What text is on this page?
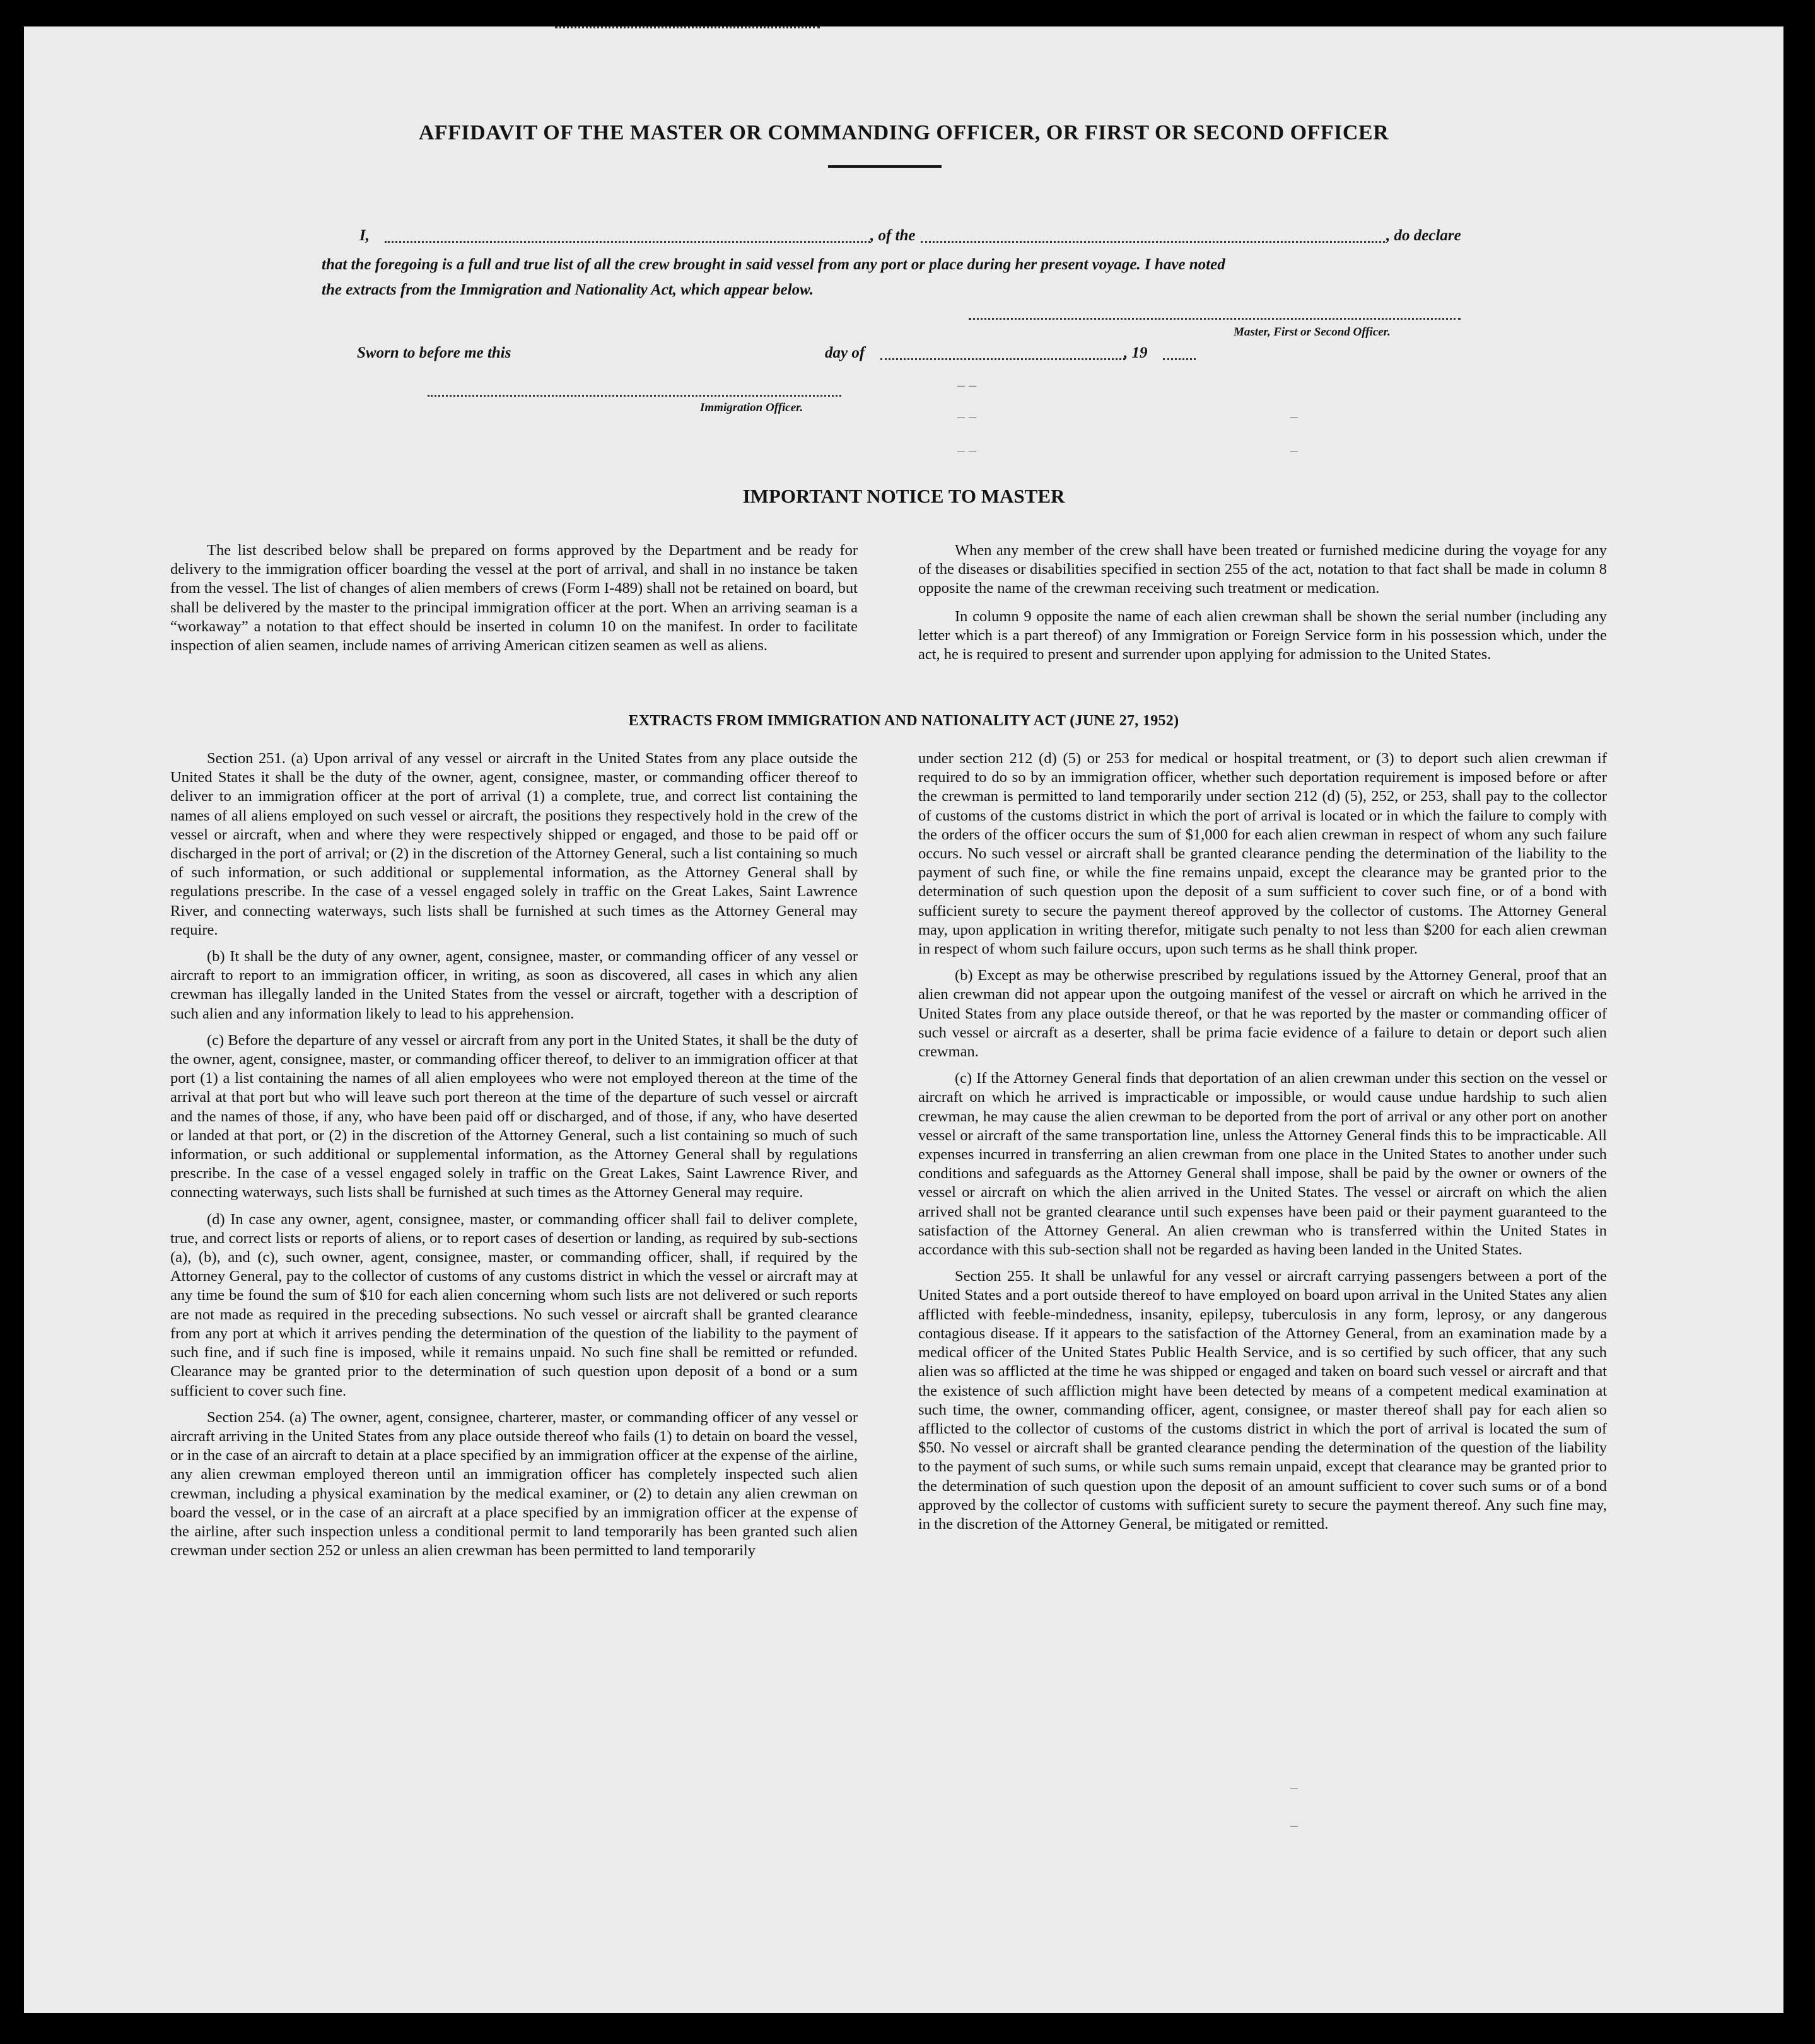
AFFIDAVIT OF THE MASTER OR COMMANDING OFFICER, OR FIRST OR SECOND OFFICER
I,	, of the	, do declare
that the foregoing is a full and true list of all the crew brought in said vessel from any port or place during her present voyage. I have noted
the extracts from the Immigration and Nationality Act, which appear below.
Master, First or Second Officer.
Sworn to before me this	day of	, 19
Immigration Officer.
– –
– –
– –
–
–
–
–
IMPORTANT NOTICE TO MASTER

The list described below shall be prepared on forms approved by the Department and be ready for delivery to the immigration officer boarding the vessel at the port of arrival, and shall in no instance be taken from the vessel. The list of changes of alien members of crews (Form I-489) shall not be retained on board, but shall be delivered by the master to the principal immigration officer at the port. When an arriving seaman is a “workaway” a notation to that effect should be inserted in column 10 on the manifest. In order to facilitate inspection of alien seamen, include names of arriving American citizen seamen as well as aliens.

When any member of the crew shall have been treated or furnished medicine during the voyage for any of the diseases or disabilities specified in section 255 of the act, notation to that fact shall be made in column 8 opposite the name of the crewman receiving such treatment or medication.

In column 9 opposite the name of each alien crewman shall be shown the serial number (including any letter which is a part thereof) of any Immigration or Foreign Service form in his possession which, under the act, he is required to present and surrender upon applying for admission to the United States.

EXTRACTS FROM IMMIGRATION AND NATIONALITY ACT (JUNE 27, 1952)

Section 251. (a) Upon arrival of any vessel or aircraft in the United States from any place outside the United States it shall be the duty of the owner, agent, consignee, master, or commanding officer thereof to deliver to an immigration officer at the port of arrival (1) a complete, true, and correct list containing the names of all aliens employed on such vessel or aircraft, the positions they respectively hold in the crew of the vessel or aircraft, when and where they were respectively shipped or engaged, and those to be paid off or discharged in the port of arrival; or (2) in the discretion of the Attorney General, such a list containing so much of such information, or such additional or supplemental information, as the Attorney General shall by regulations prescribe. In the case of a vessel engaged solely in traffic on the Great Lakes, Saint Lawrence River, and connecting waterways, such lists shall be furnished at such times as the Attorney General may require.

(b) It shall be the duty of any owner, agent, consignee, master, or commanding officer of any vessel or aircraft to report to an immigration officer, in writing, as soon as discovered, all cases in which any alien crewman has illegally landed in the United States from the vessel or aircraft, together with a description of such alien and any information likely to lead to his apprehension.

(c) Before the departure of any vessel or aircraft from any port in the United States, it shall be the duty of the owner, agent, consignee, master, or commanding officer thereof, to deliver to an immigration officer at that port (1) a list containing the names of all alien employees who were not employed thereon at the time of the arrival at that port but who will leave such port thereon at the time of the departure of such vessel or aircraft and the names of those, if any, who have been paid off or discharged, and of those, if any, who have deserted or landed at that port, or (2) in the discretion of the Attorney General, such a list containing so much of such information, or such additional or supplemental information, as the Attorney General shall by regulations prescribe. In the case of a vessel engaged solely in traffic on the Great Lakes, Saint Lawrence River, and connecting waterways, such lists shall be furnished at such times as the Attorney General may require.

(d) In case any owner, agent, consignee, master, or commanding officer shall fail to deliver complete, true, and correct lists or reports of aliens, or to report cases of desertion or landing, as required by sub-sections (a), (b), and (c), such owner, agent, consignee, master, or commanding officer, shall, if required by the Attorney General, pay to the collector of customs of any customs district in which the vessel or aircraft may at any time be found the sum of $10 for each alien concerning whom such lists are not delivered or such reports are not made as required in the preceding subsections. No such vessel or aircraft shall be granted clearance from any port at which it arrives pending the determination of the question of the liability to the payment of such fine, and if such fine is imposed, while it remains unpaid. No such fine shall be remitted or refunded. Clearance may be granted prior to the determination of such question upon deposit of a bond or a sum sufficient to cover such fine.

Section 254. (a) The owner, agent, consignee, charterer, master, or commanding officer of any vessel or aircraft arriving in the United States from any place outside thereof who fails (1) to detain on board the vessel, or in the case of an aircraft to detain at a place specified by an immigration officer at the expense of the airline, any alien crewman employed thereon until an immigration officer has completely inspected such alien crewman, including a physical examination by the medical examiner, or (2) to detain any alien crewman on board the vessel, or in the case of an aircraft at a place specified by an immigration officer at the expense of the airline, after such inspection unless a conditional permit to land temporarily has been granted such alien crewman under section 252 or unless an alien crewman has been permitted to land temporarily

under section 212 (d) (5) or 253 for medical or hospital treatment, or (3) to deport such alien crewman if required to do so by an immigration officer, whether such deportation requirement is imposed before or after the crewman is permitted to land temporarily under section 212 (d) (5), 252, or 253, shall pay to the collector of customs of the customs district in which the port of arrival is located or in which the failure to comply with the orders of the officer occurs the sum of $1,000 for each alien crewman in respect of whom any such failure occurs. No such vessel or aircraft shall be granted clearance pending the determination of the liability to the payment of such fine, or while the fine remains unpaid, except the clearance may be granted prior to the determination of such question upon the deposit of a sum sufficient to cover such fine, or of a bond with sufficient surety to secure the payment thereof approved by the collector of customs. The Attorney General may, upon application in writing therefor, mitigate such penalty to not less than $200 for each alien crewman in respect of whom such failure occurs, upon such terms as he shall think proper.

(b) Except as may be otherwise prescribed by regulations issued by the Attorney General, proof that an alien crewman did not appear upon the outgoing manifest of the vessel or aircraft on which he arrived in the United States from any place outside thereof, or that he was reported by the master or commanding officer of such vessel or aircraft as a deserter, shall be prima facie evidence of a failure to detain or deport such alien crewman.

(c) If the Attorney General finds that deportation of an alien crewman under this section on the vessel or aircraft on which he arrived is impracticable or impossible, or would cause undue hardship to such alien crewman, he may cause the alien crewman to be deported from the port of arrival or any other port on another vessel or aircraft of the same transportation line, unless the Attorney General finds this to be impracticable. All expenses incurred in transferring an alien crewman from one place in the United States to another under such conditions and safeguards as the Attorney General shall impose, shall be paid by the owner or owners of the vessel or aircraft on which the alien arrived in the United States. The vessel or aircraft on which the alien arrived shall not be granted clearance until such expenses have been paid or their payment guaranteed to the satisfaction of the Attorney General. An alien crewman who is transferred within the United States in accordance with this sub-section shall not be regarded as having been landed in the United States.

Section 255. It shall be unlawful for any vessel or aircraft carrying passengers between a port of the United States and a port outside thereof to have employed on board upon arrival in the United States any alien afflicted with feeble-mindedness, insanity, epilepsy, tuberculosis in any form, leprosy, or any dangerous contagious disease. If it appears to the satisfaction of the Attorney General, from an examination made by a medical officer of the United States Public Health Service, and is so certified by such officer, that any such alien was so afflicted at the time he was shipped or engaged and taken on board such vessel or aircraft and that the existence of such affliction might have been detected by means of a competent medical examination at such time, the owner, commanding officer, agent, consignee, or master thereof shall pay for each alien so afflicted to the collector of customs of the customs district in which the port of arrival is located the sum of $50. No vessel or aircraft shall be granted clearance pending the determination of the question of the liability to the payment of such sums, or while such sums remain unpaid, except that clearance may be granted prior to the determination of such question upon the deposit of an amount sufficient to cover such sums or of a bond approved by the collector of customs with sufficient surety to secure the payment thereof. Any such fine may, in the discretion of the Attorney General, be mitigated or remitted.
